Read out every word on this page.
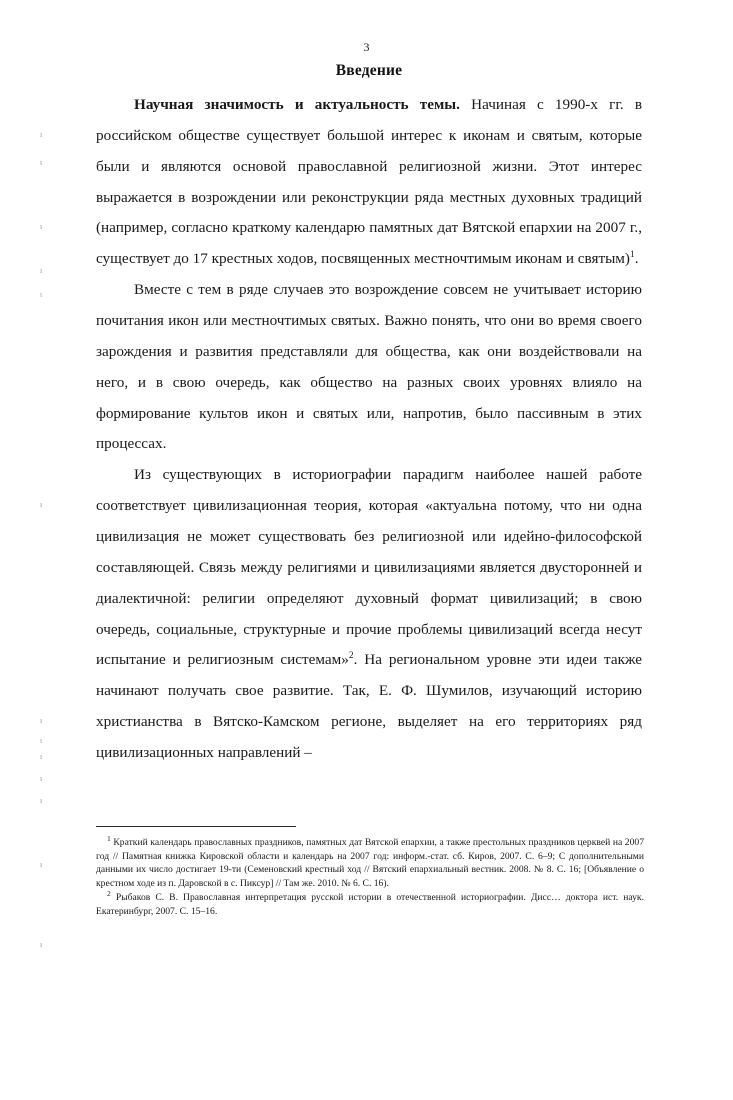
ı
ɩ
ı
ı
ɩ
ı
ı
ɩ
ı
ı
ı
ı
ı
3
Введение

Научная значимость и актуальность темы. Начиная с 1990-х гг. в российском обществе существует большой интерес к иконам и святым, которые были и являются основой православной религиозной жизни. Этот интерес выражается в возрождении или реконструкции ряда местных духовных традиций (например, согласно краткому календарю памятных дат Вятской епархии на 2007 г., существует до 17 крестных ходов, посвященных местночтимым иконам и святым)$^1$.

Вместе с тем в ряде случаев это возрождение совсем не учитывает историю почитания икон или местночтимых святых. Важно понять, что они во время своего зарождения и развития представляли для общества, как они воздействовали на него, и в свою очередь, как общество на разных своих уровнях влияло на формирование культов икон и святых или, напротив, было пассивным в этих процессах.

Из существующих в историографии парадигм наиболее нашей работе соответствует цивилизационная теория, которая «актуальна потому, что ни одна цивилизация не может существовать без религиозной или идейно-философской составляющей. Связь между религиями и цивилизациями является двусторонней и диалектичной: религии определяют духовный формат цивилизаций; в свою очередь, социальные, структурные и прочие проблемы цивилизаций всегда несут испытание и религиозным системам»$^2$. На региональном уровне эти идеи также начинают получать свое развитие. Так, Е. Ф. Шумилов, изучающий историю христианства в Вятско-Камском регионе, выделяет на его территориях ряд цивилизационных направлений –

$^1$ Краткий календарь православных праздников, памятных дат Вятской епархии, а также престольных праздников церквей на 2007 год // Памятная книжка Кировской области и календарь на 2007 год: информ.-стат. сб. Киров, 2007. С. 6–9; С дополнительными данными их число достигает 19-ти (Семеновский крестный ход // Вятский епархиальный вестник. 2008. № 8. С. 16; [Объявление о крестном ходе из п. Даровской в с. Пиксур] // Там же. 2010. № 6. С. 16).

$^2$ Рыбаков С. В. Православная интерпретация русской истории в отечественной историографии. Дисс… доктора ист. наук. Екатеринбург, 2007. С. 15–16.
